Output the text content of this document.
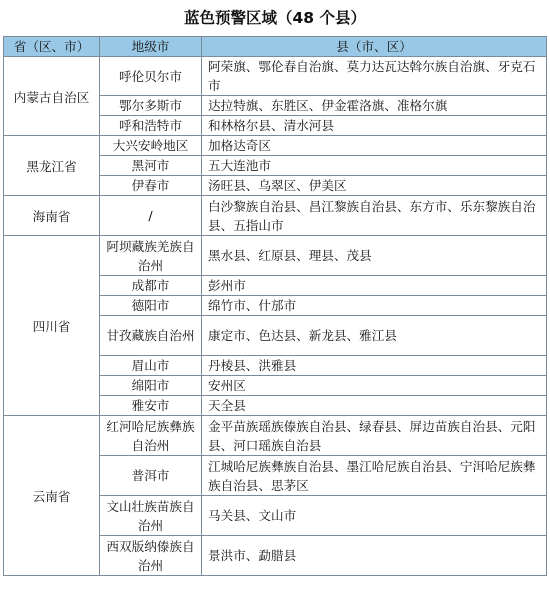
蓝色预警区域（48 个县）
省（区、市）	地级市	县（市、区）
内蒙古自治区	呼伦贝尔市	阿荣旗、鄂伦春自治旗、莫力达瓦达斡尔族自治旗、牙克石市
	鄂尔多斯市	达拉特旗、东胜区、伊金霍洛旗、准格尔旗
	呼和浩特市	和林格尔县、清水河县
黑龙江省	大兴安岭地区	加格达奇区
	黑河市	五大连池市
	伊春市	汤旺县、乌翠区、伊美区
海南省	/	白沙黎族自治县、昌江黎族自治县、东方市、乐东黎族自治县、五指山市
四川省	阿坝藏族羌族自治州	黑水县、红原县、理县、茂县
	成都市	彭州市
	德阳市	绵竹市、什邡市
	甘孜藏族自治州	康定市、色达县、新龙县、雅江县
	眉山市	丹棱县、洪雅县
	绵阳市	安州区
	雅安市	天全县
云南省	红河哈尼族彝族自治州	金平苗族瑶族傣族自治县、绿春县、屏边苗族自治县、元阳县、河口瑶族自治县
	普洱市	江城哈尼族彝族自治县、墨江哈尼族自治县、宁洱哈尼族彝族自治县、思茅区
	文山壮族苗族自治州	马关县、文山市
	西双版纳傣族自治州	景洪市、勐腊县
